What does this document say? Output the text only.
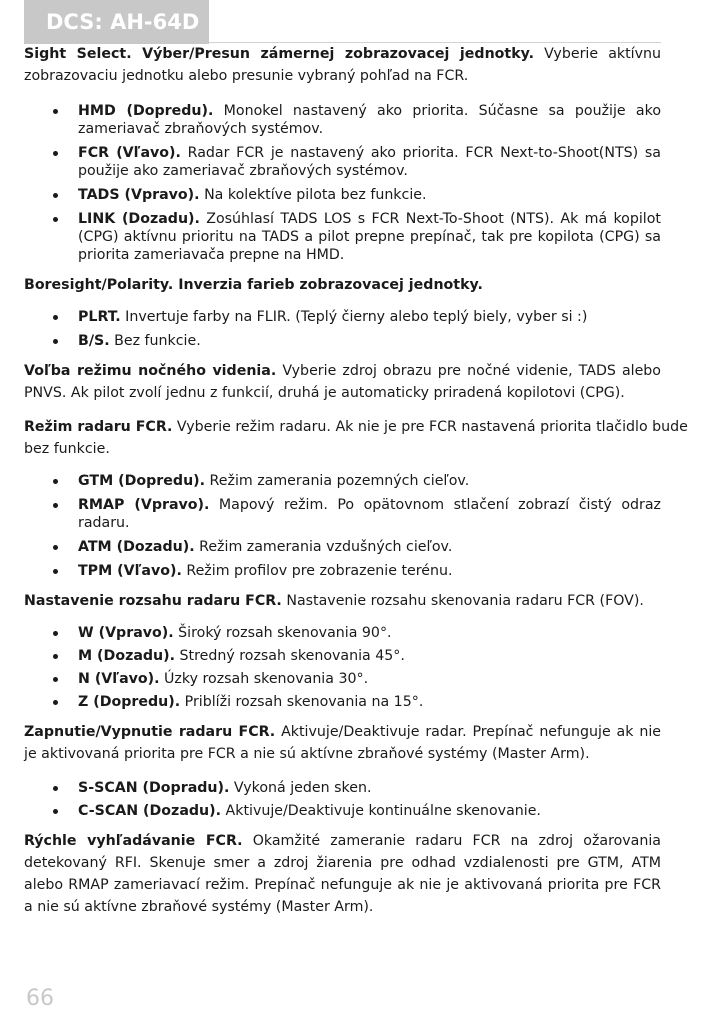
DCS: AH-64D

Sight Select. Výber/Presun zámernej zobrazovacej jednotky. Vyberie aktívnu zobrazovaciu jednotku alebo presunie vybraný pohľad na FCR.

HMD (Dopredu). Monokel nastavený ako priorita. Súčasne sa použije ako zameriavač zbraňových systémov.
FCR (Vľavo). Radar FCR je nastavený ako priorita. FCR Next-to-Shoot(NTS) sa použije ako zameriavač zbraňových systémov.
TADS (Vpravo). Na kolektíve pilota bez funkcie.
LINK (Dozadu). Zosúhlasí TADS LOS s FCR Next-To-Shoot (NTS). Ak má kopilot (CPG) aktívnu prioritu na TADS a pilot prepne prepínač, tak pre kopilota (CPG) sa priorita zameriavača prepne na HMD.

Boresight/Polarity. Inverzia farieb zobrazovacej jednotky.

PLRT. Invertuje farby na FLIR. (Teplý čierny alebo teplý biely, vyber si :)
B/S. Bez funkcie.

Voľba režimu nočného videnia. Vyberie zdroj obrazu pre nočné videnie, TADS alebo PNVS. Ak pilot zvolí jednu z funkcií, druhá je automaticky priradená kopilotovi (CPG).

Režim radaru FCR. Vyberie režim radaru. Ak nie je pre FCR nastavená priorita tlačidlo bude bez funkcie.

GTM (Dopredu). Režim zamerania pozemných cieľov.
RMAP (Vpravo). Mapový režim. Po opätovnom stlačení zobrazí čistý odraz radaru.
ATM (Dozadu). Režim zamerania vzdušných cieľov.
TPM (Vľavo). Režim profilov pre zobrazenie terénu.

Nastavenie rozsahu radaru FCR. Nastavenie rozsahu skenovania radaru FCR (FOV).

W (Vpravo). Široký rozsah skenovania 90°.
M (Dozadu). Stredný rozsah skenovania 45°.
N (Vľavo). Úzky rozsah skenovania 30°.
Z (Dopredu). Priblíži rozsah skenovania na 15°.

Zapnutie/Vypnutie radaru FCR. Aktivuje/Deaktivuje radar. Prepínač nefunguje ak nie je aktivovaná priorita pre FCR a nie sú aktívne zbraňové systémy (Master Arm).

S-SCAN (Dopradu). Vykoná jeden sken.
C-SCAN (Dozadu). Aktivuje/Deaktivuje kontinuálne skenovanie.

Rýchle vyhľadávanie FCR. Okamžité zameranie radaru FCR na zdroj ožarovania detekovaný RFI. Skenuje smer a zdroj žiarenia pre odhad vzdialenosti pre GTM, ATM alebo RMAP zameriavací režim. Prepínač nefunguje ak nie je aktivovaná priorita pre FCR a nie sú aktívne zbraňové systémy (Master Arm).

66
